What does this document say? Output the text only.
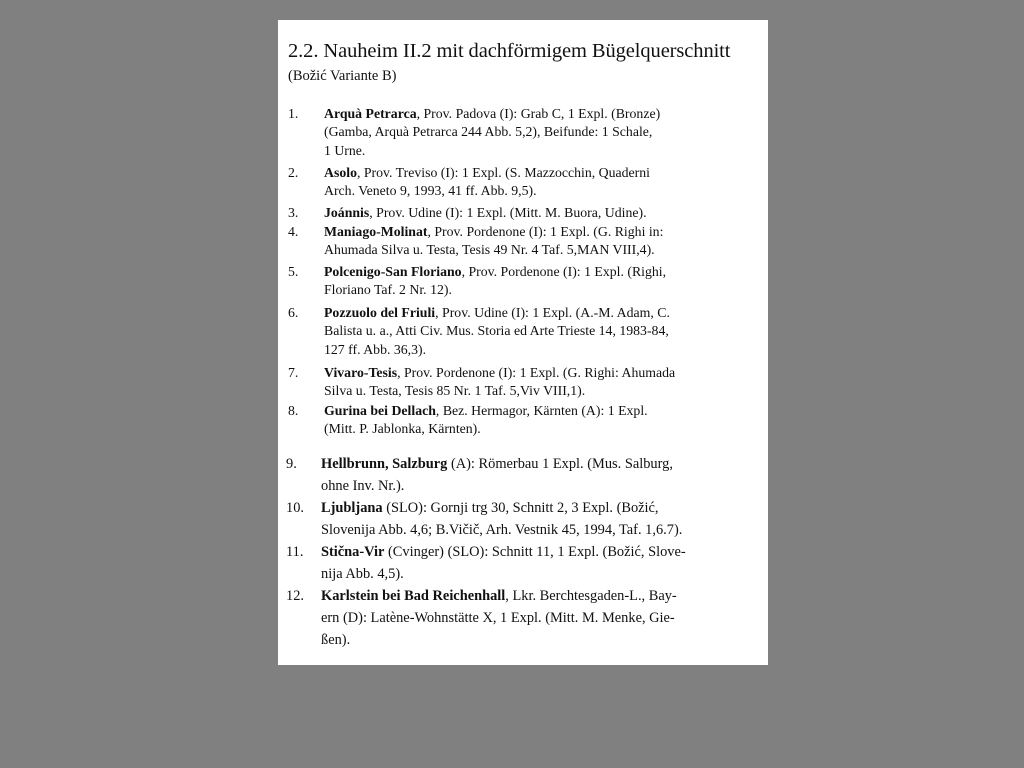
2.2. Nauheim II.2 mit dachförmigem Bügelquerschnitt
(Božić Variante B)
1. Arquà Petrarca, Prov. Padova (I): Grab C, 1 Expl. (Bronze)
(Gamba, Arquà Petrarca 244 Abb. 5,2), Beifunde: 1 Schale,
1 Urne.
2. Asolo, Prov. Treviso (I): 1 Expl. (S. Mazzocchin, Quaderni
Arch. Veneto 9, 1993, 41 ff. Abb. 9,5).
3. Joánnis, Prov. Udine (I): 1 Expl. (Mitt. M. Buora, Udine).
4. Maniago-Molinat, Prov. Pordenone (I): 1 Expl. (G. Righi in:
Ahumada Silva u. Testa, Tesis 49 Nr. 4 Taf. 5,MAN VIII,4).
5. Polcenigo-San Floriano, Prov. Pordenone (I): 1 Expl. (Righi,
Floriano Taf. 2 Nr. 12).
6. Pozzuolo del Friuli, Prov. Udine (I): 1 Expl. (A.-M. Adam, C.
Balista u. a., Atti Civ. Mus. Storia ed Arte Trieste 14, 1983-84,
127 ff. Abb. 36,3).
7. Vivaro-Tesis, Prov. Pordenone (I): 1 Expl. (G. Righi: Ahumada
Silva u. Testa, Tesis 85 Nr. 1 Taf. 5,Viv VIII,1).
8. Gurina bei Dellach, Bez. Hermagor, Kärnten (A): 1 Expl.
(Mitt. P. Jablonka, Kärnten).
9. Hellbrunn, Salzburg (A): Römerbau 1 Expl. (Mus. Salburg,
ohne Inv. Nr.).
10. Ljubljana (SLO): Gornji trg 30, Schnitt 2, 3 Expl. (Božić,
Slovenija Abb. 4,6; B.Vičič, Arh. Vestnik 45, 1994, Taf. 1,6.7).
11. Stična-Vir (Cvinger) (SLO): Schnitt 11, 1 Expl. (Božić, Slove-
nija Abb. 4,5).
12. Karlstein bei Bad Reichenhall, Lkr. Berchtesgaden-L., Bay-
ern (D): Latène-Wohnstätte X, 1 Expl. (Mitt. M. Menke, Gie-
ßen).
